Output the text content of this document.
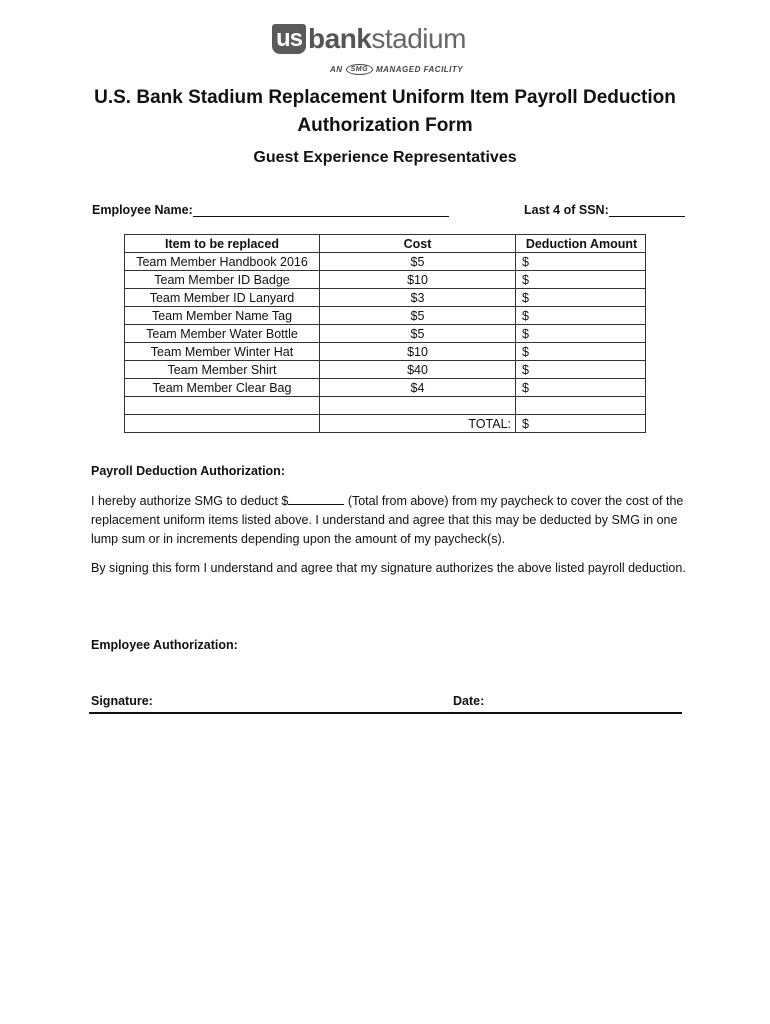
us bank stadium
AN	SMG	MANAGED FACILITY
U.S. Bank Stadium Replacement Uniform Item Payroll Deduction
Authorization Form
Guest Experience Representatives
Employee Name:	Last 4 of SSN:
Item to be replaced	Cost	Deduction Amount
Team Member Handbook 2016	$5	$
Team Member ID Badge	$10	$
Team Member ID Lanyard	$3	$
Team Member Name Tag	$5	$
Team Member Water Bottle	$5	$
Team Member Winter Hat	$10	$
Team Member Shirt	$40	$
Team Member Clear Bag	$4	$

	TOTAL:	$
Payroll Deduction Authorization:
I hereby authorize SMG to deduct $	(Total from above) from my paycheck to cover the cost of the replacement uniform items listed above. I understand and agree that this may be deducted by SMG in one lump sum or in increments depending upon the amount of my paycheck(s).
By signing this form I understand and agree that my signature authorizes the above listed payroll deduction.
Employee Authorization:
Signature:	Date:
